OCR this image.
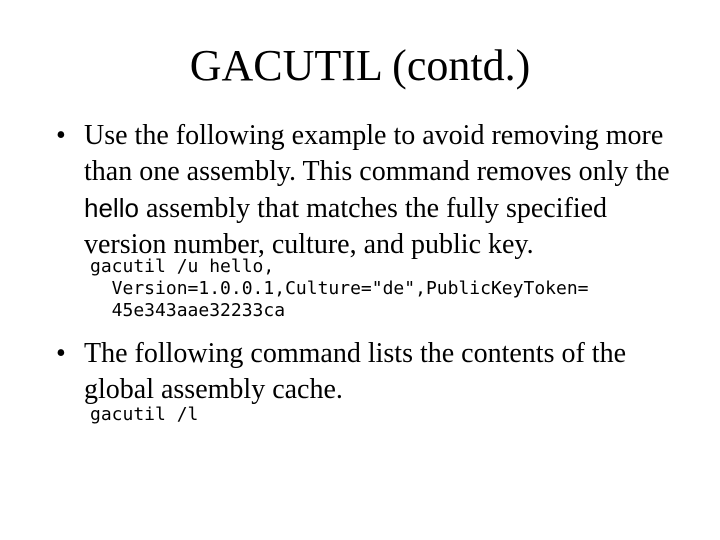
GACUTIL (contd.)
• Use the following example to avoid removing more than one assembly. This command removes only the hello assembly that matches the fully specified version number, culture, and public key.
gacutil /u hello,
Version=1.0.0.1,Culture="de",PublicKeyToken=
45e343aae32233ca
• The following command lists the contents of the global assembly cache.
gacutil /l
